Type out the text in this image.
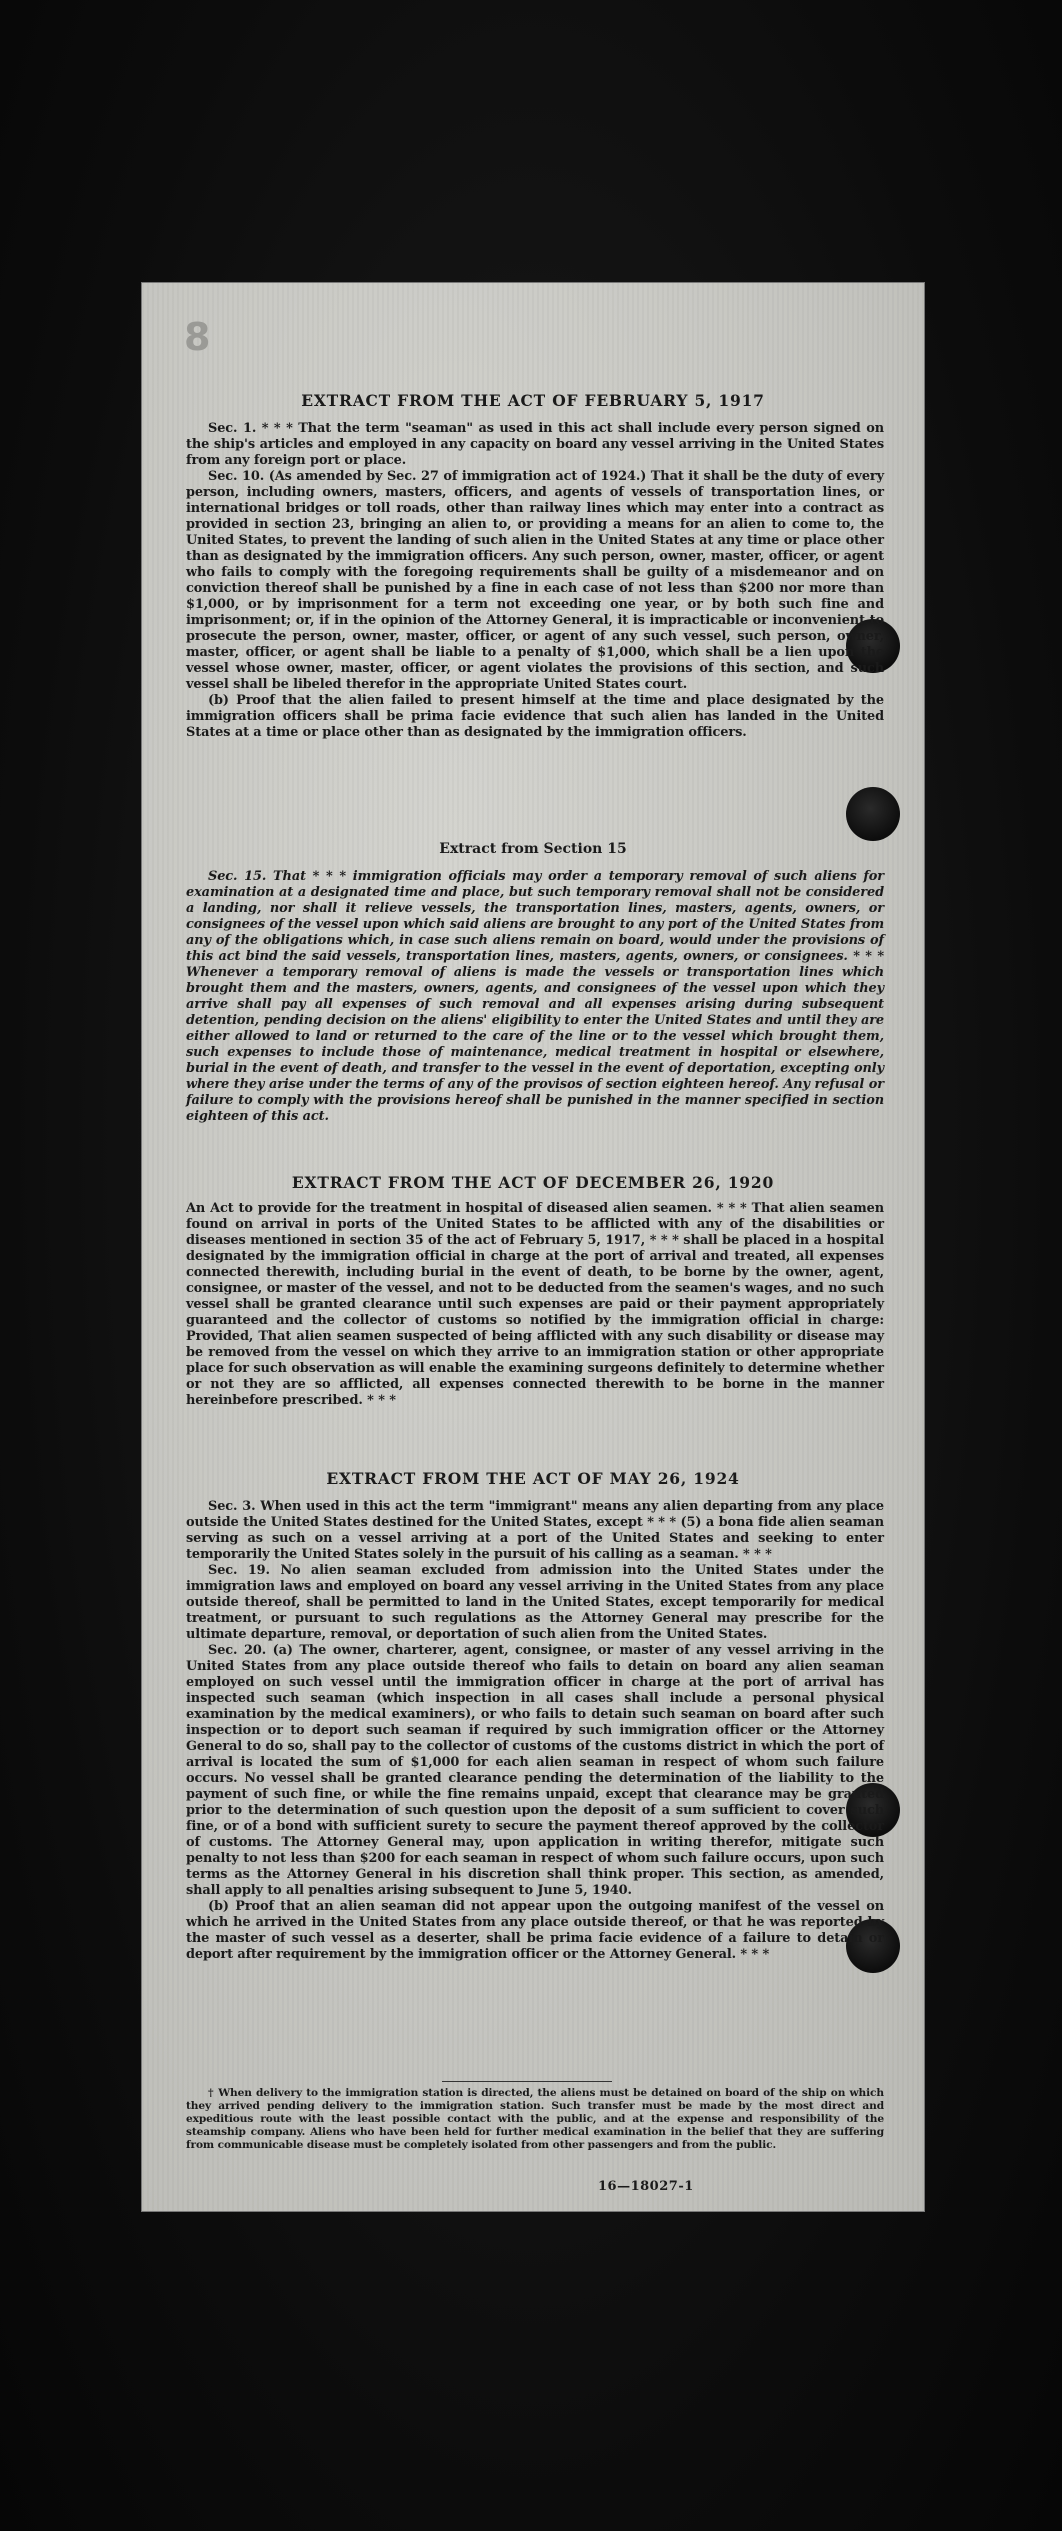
8
EXTRACT FROM THE ACT OF FEBRUARY 5, 1917

Sec. 1. * * * That the term "seaman" as used in this act shall include every person signed on the ship's articles and employed in any capacity on board any vessel arriving in the United States from any foreign port or place.

Sec. 10. (As amended by Sec. 27 of immigration act of 1924.) That it shall be the duty of every person, including owners, masters, officers, and agents of vessels of transportation lines, or international bridges or toll roads, other than railway lines which may enter into a contract as provided in section 23, bringing an alien to, or providing a means for an alien to come to, the United States, to prevent the landing of such alien in the United States at any time or place other than as designated by the immigration officers. Any such person, owner, master, officer, or agent who fails to comply with the foregoing requirements shall be guilty of a misdemeanor and on conviction thereof shall be punished by a fine in each case of not less than $200 nor more than $1,000, or by imprisonment for a term not exceeding one year, or by both such fine and imprisonment; or, if in the opinion of the Attorney General, it is impracticable or inconvenient to prosecute the person, owner, master, officer, or agent of any such vessel, such person, owner, master, officer, or agent shall be liable to a penalty of $1,000, which shall be a lien upon the vessel whose owner, master, officer, or agent violates the provisions of this section, and such vessel shall be libeled therefor in the appropriate United States court.

(b) Proof that the alien failed to present himself at the time and place designated by the immigration officers shall be prima facie evidence that such alien has landed in the United States at a time or place other than as designated by the immigration officers.

Extract from Section 15

Sec. 15. That * * * immigration officials may order a temporary removal of such aliens for examination at a designated time and place, but such temporary removal shall not be considered a landing, nor shall it relieve vessels, the transportation lines, masters, agents, owners, or consignees of the vessel upon which said aliens are brought to any port of the United States from any of the obligations which, in case such aliens remain on board, would under the provisions of this act bind the said vessels, transportation lines, masters, agents, owners, or consignees. * * * Whenever a temporary removal of aliens is made the vessels or transportation lines which brought them and the masters, owners, agents, and consignees of the vessel upon which they arrive shall pay all expenses of such removal and all expenses arising during subsequent detention, pending decision on the aliens' eligibility to enter the United States and until they are either allowed to land or returned to the care of the line or to the vessel which brought them, such expenses to include those of maintenance, medical treatment in hospital or elsewhere, burial in the event of death, and transfer to the vessel in the event of deportation, excepting only where they arise under the terms of any of the provisos of section eighteen hereof. Any refusal or failure to comply with the provisions hereof shall be punished in the manner specified in section eighteen of this act.

EXTRACT FROM THE ACT OF DECEMBER 26, 1920

An Act to provide for the treatment in hospital of diseased alien seamen. * * * That alien seamen found on arrival in ports of the United States to be afflicted with any of the disabilities or diseases mentioned in section 35 of the act of February 5, 1917, * * * shall be placed in a hospital designated by the immigration official in charge at the port of arrival and treated, all expenses connected therewith, including burial in the event of death, to be borne by the owner, agent, consignee, or master of the vessel, and not to be deducted from the seamen's wages, and no such vessel shall be granted clearance until such expenses are paid or their payment appropriately guaranteed and the collector of customs so notified by the immigration official in charge: Provided, That alien seamen suspected of being afflicted with any such disability or disease may be removed from the vessel on which they arrive to an immigration station or other appropriate place for such observation as will enable the examining surgeons definitely to determine whether or not they are so afflicted, all expenses connected therewith to be borne in the manner hereinbefore prescribed. * * *

EXTRACT FROM THE ACT OF MAY 26, 1924

Sec. 3. When used in this act the term "immigrant" means any alien departing from any place outside the United States destined for the United States, except * * * (5) a bona fide alien seaman serving as such on a vessel arriving at a port of the United States and seeking to enter temporarily the United States solely in the pursuit of his calling as a seaman. * * *

Sec. 19. No alien seaman excluded from admission into the United States under the immigration laws and employed on board any vessel arriving in the United States from any place outside thereof, shall be permitted to land in the United States, except temporarily for medical treatment, or pursuant to such regulations as the Attorney General may prescribe for the ultimate departure, removal, or deportation of such alien from the United States.

Sec. 20. (a) The owner, charterer, agent, consignee, or master of any vessel arriving in the United States from any place outside thereof who fails to detain on board any alien seaman employed on such vessel until the immigration officer in charge at the port of arrival has inspected such seaman (which inspection in all cases shall include a personal physical examination by the medical examiners), or who fails to detain such seaman on board after such inspection or to deport such seaman if required by such immigration officer or the Attorney General to do so, shall pay to the collector of customs of the customs district in which the port of arrival is located the sum of $1,000 for each alien seaman in respect of whom such failure occurs. No vessel shall be granted clearance pending the determination of the liability to the payment of such fine, or while the fine remains unpaid, except that clearance may be granted prior to the determination of such question upon the deposit of a sum sufficient to cover such fine, or of a bond with sufficient surety to secure the payment thereof approved by the collector of customs. The Attorney General may, upon application in writing therefor, mitigate such penalty to not less than $200 for each seaman in respect of whom such failure occurs, upon such terms as the Attorney General in his discretion shall think proper. This section, as amended, shall apply to all penalties arising subsequent to June 5, 1940.

(b) Proof that an alien seaman did not appear upon the outgoing manifest of the vessel on which he arrived in the United States from any place outside thereof, or that he was reported by the master of such vessel as a deserter, shall be prima facie evidence of a failure to detain or deport after requirement by the immigration officer or the Attorney General. * * *

† When delivery to the immigration station is directed, the aliens must be detained on board of the ship on which they arrived pending delivery to the immigration station. Such transfer must be made by the most direct and expeditious route with the least possible contact with the public, and at the expense and responsibility of the steamship company. Aliens who have been held for further medical examination in the belief that they are suffering from communicable disease must be completely isolated from other passengers and from the public.

16—18027-1
